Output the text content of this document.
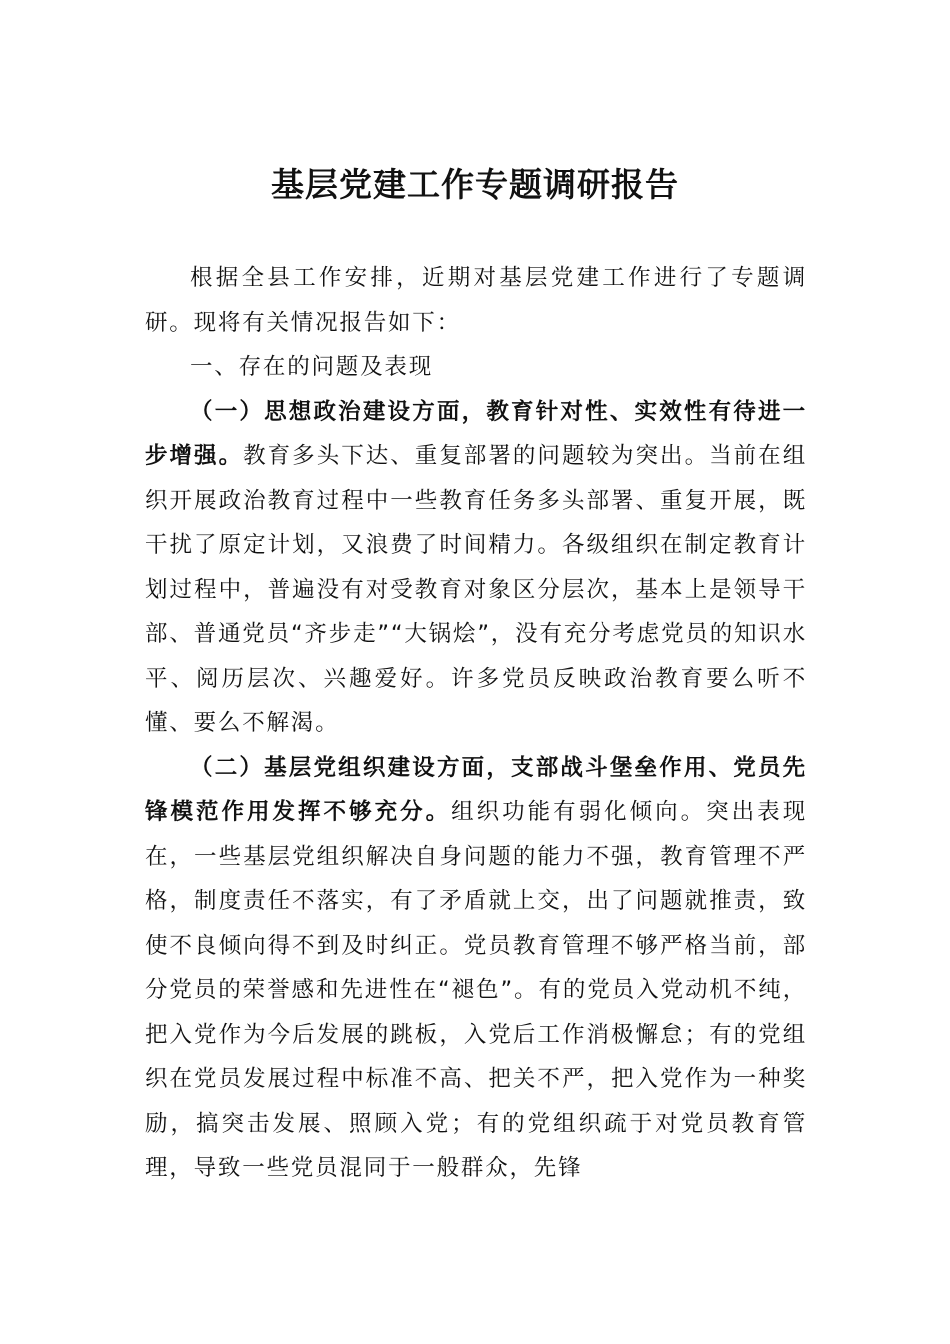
基层党建工作专题调研报告

根据全县工作安排，近期对基层党建工作进行了专题调研。现将有关情况报告如下：

一、存在的问题及表现

（一）思想政治建设方面，教育针对性、实效性有待进一步增强。教育多头下达、重复部署的问题较为突出。当前在组织开展政治教育过程中一些教育任务多头部署、重复开展，既干扰了原定计划，又浪费了时间精力。各级组织在制定教育计划过程中，普遍没有对受教育对象区分层次，基本上是领导干部、普通党员“齐步走”“大锅烩”，没有充分考虑党员的知识水平、阅历层次、兴趣爱好。许多党员反映政治教育要么听不懂、要么不解渴。

（二）基层党组织建设方面，支部战斗堡垒作用、党员先锋模范作用发挥不够充分。组织功能有弱化倾向。突出表现在，一些基层党组织解决自身问题的能力不强，教育管理不严格，制度责任不落实，有了矛盾就上交，出了问题就推责，致使不良倾向得不到及时纠正。党员教育管理不够严格当前，部分党员的荣誉感和先进性在“褪色”。有的党员入党动机不纯，把入党作为今后发展的跳板，入党后工作消极懈怠；有的党组织在党员发展过程中标准不高、把关不严，把入党作为一种奖励，搞突击发展、照顾入党；有的党组织疏于对党员教育管理，导致一些党员混同于一般群众，先锋
